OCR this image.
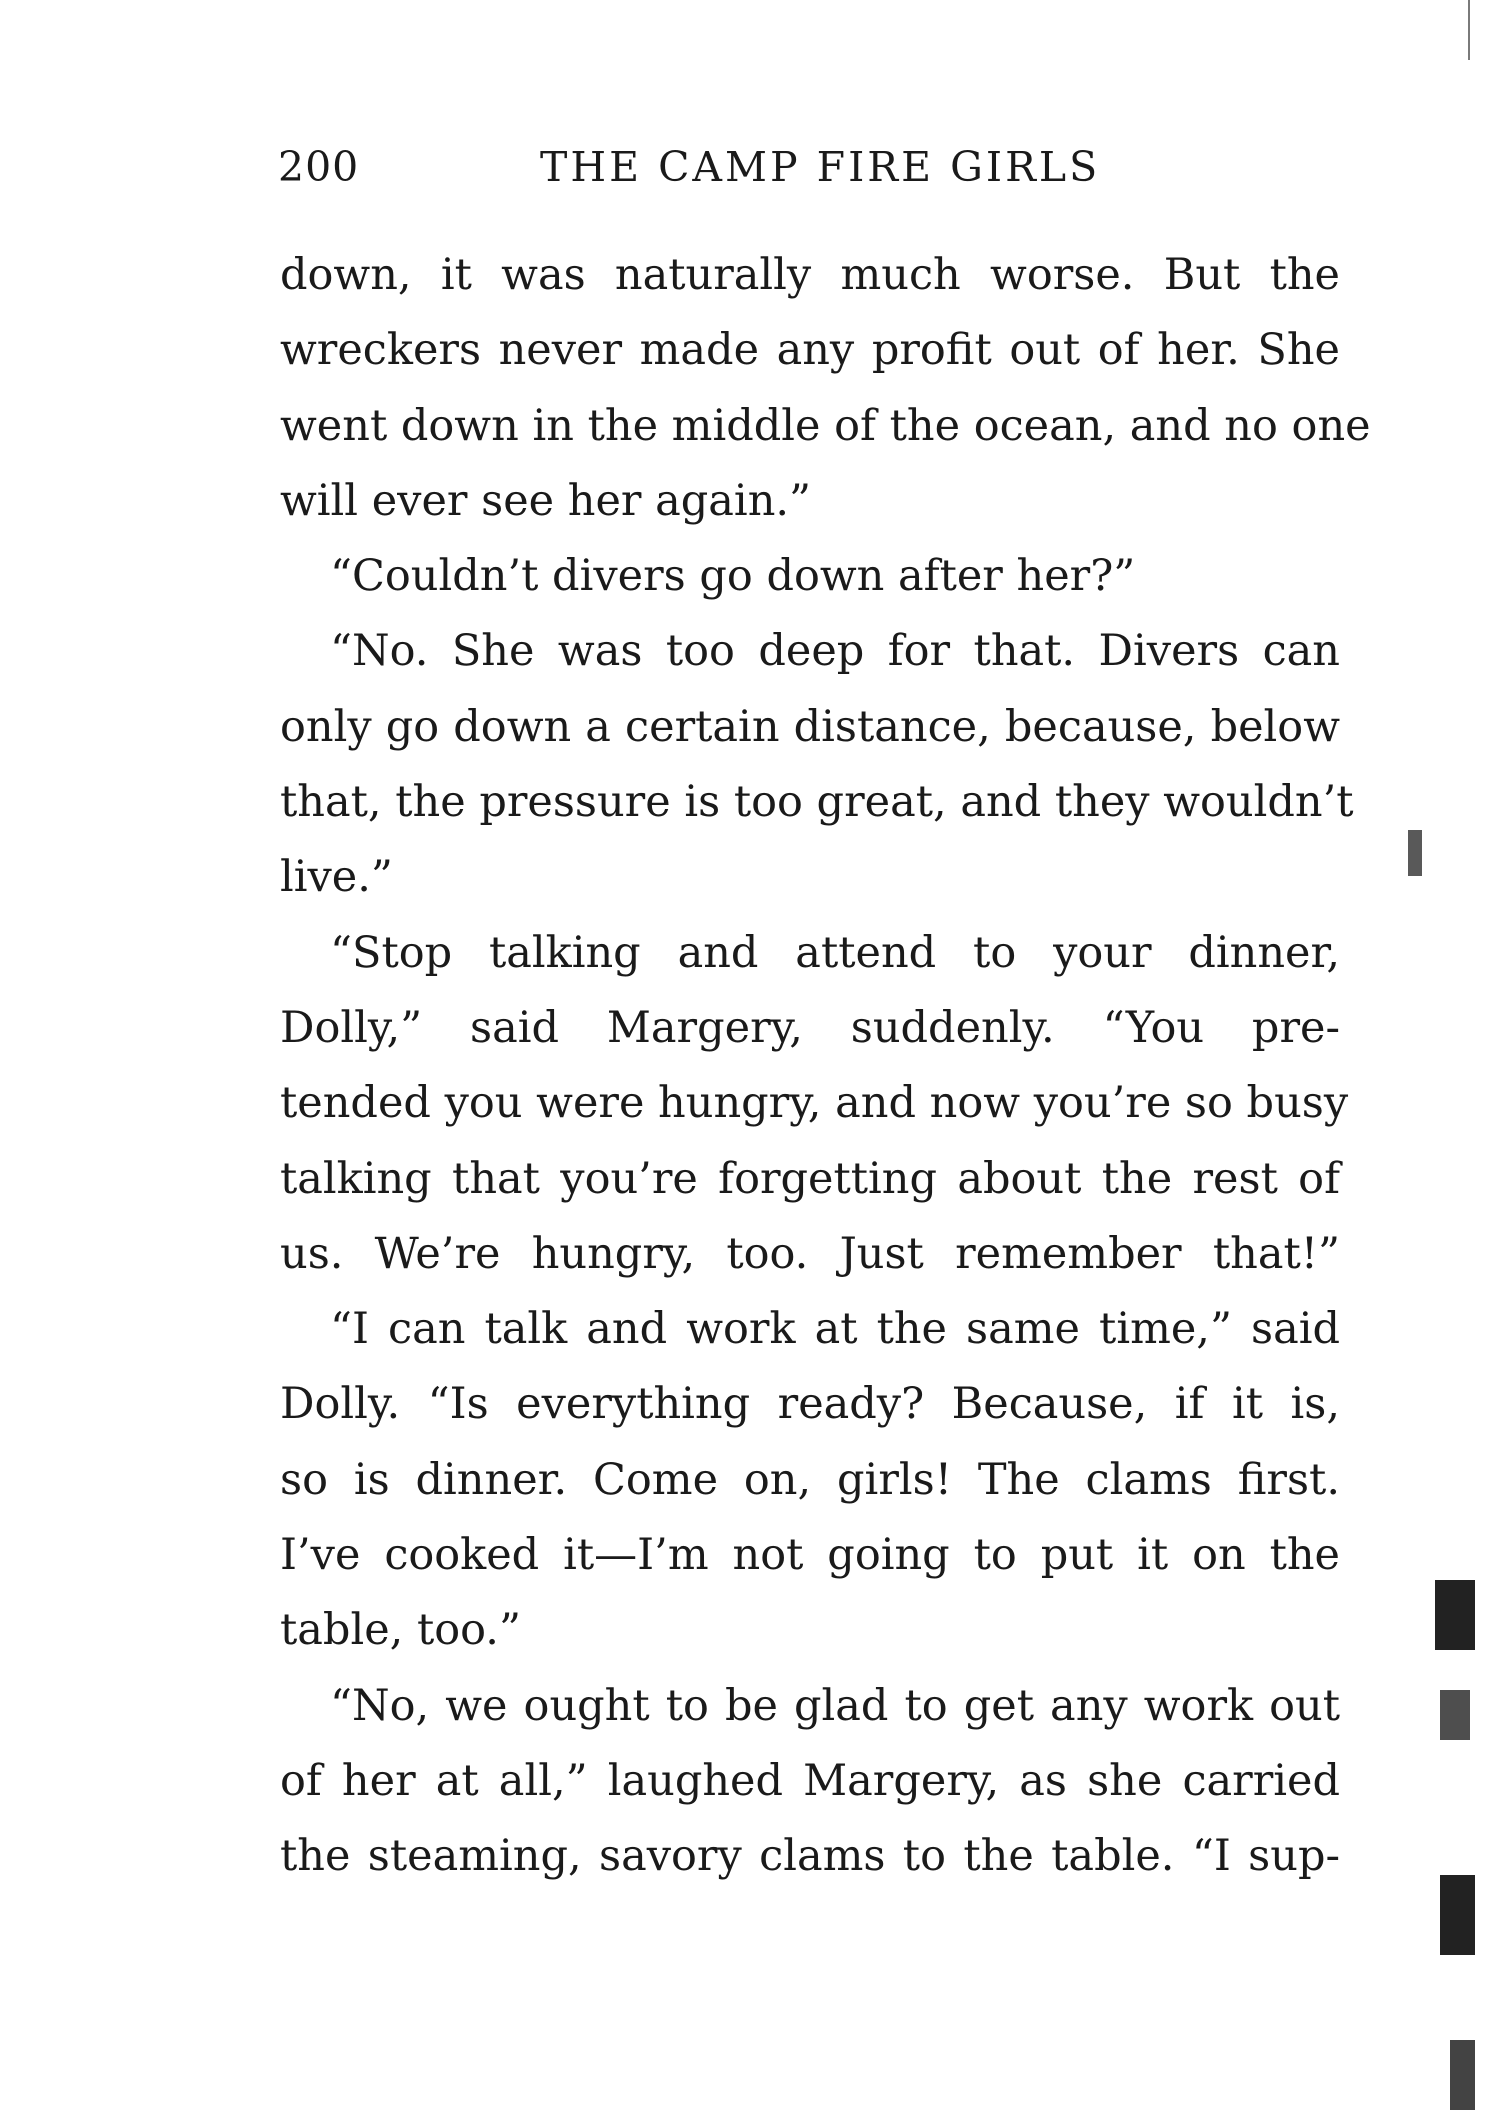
200	THE CAMP FIRE GIRLS
down, it was naturally much worse. But the
wreckers never made any profit out of her. She
went down in the middle of the ocean, and no one
will ever see her again.”
“Couldn’t divers go down after her?”
“No. She was too deep for that. Divers can
only go down a certain distance, because, below
that, the pressure is too great, and they wouldn’t
live.”
“Stop talking and attend to your dinner,
Dolly,” said Margery, suddenly. “You pre-
tended you were hungry, and now you’re so busy
talking that you’re forgetting about the rest of
us. We’re hungry, too. Just remember that!”
“I can talk and work at the same time,” said
Dolly. “Is everything ready? Because, if it is,
so is dinner. Come on, girls! The clams first.
I’ve cooked it—I’m not going to put it on the
table, too.”
“No, we ought to be glad to get any work out
of her at all,” laughed Margery, as she carried
the steaming, savory clams to the table. “I sup-
